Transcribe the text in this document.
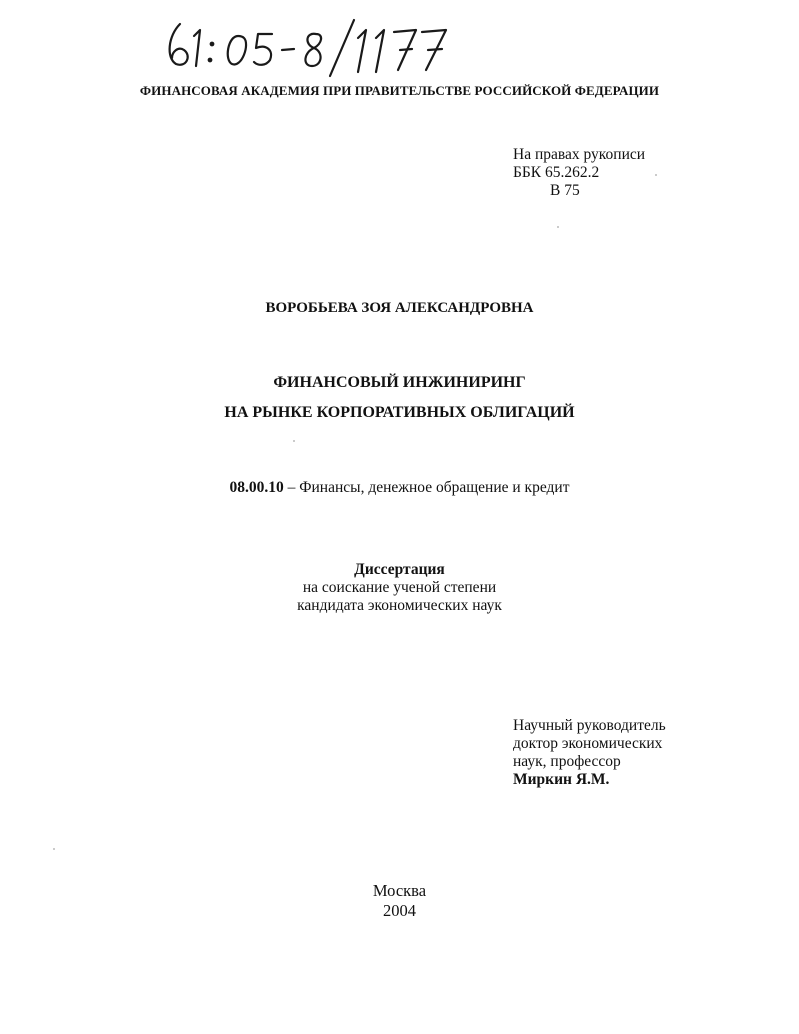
ФИНАНСОВАЯ АКАДЕМИЯ ПРИ ПРАВИТЕЛЬСТВЕ РОССИЙСКОЙ ФЕДЕРАЦИИ
На правах рукописи
ББК 65.262.2
В 75
ВОРОБЬЕВА ЗОЯ АЛЕКСАНДРОВНА
ФИНАНСОВЫЙ ИНЖИНИРИНГ
НА РЫНКЕ КОРПОРАТИВНЫХ ОБЛИГАЦИЙ
08.00.10 – Финансы, денежное обращение и кредит
Диссертация
на соискание ученой степени
кандидата экономических наук
Научный руководитель
доктор экономических
наук, профессор
Миркин Я.М.
Москва
2004
